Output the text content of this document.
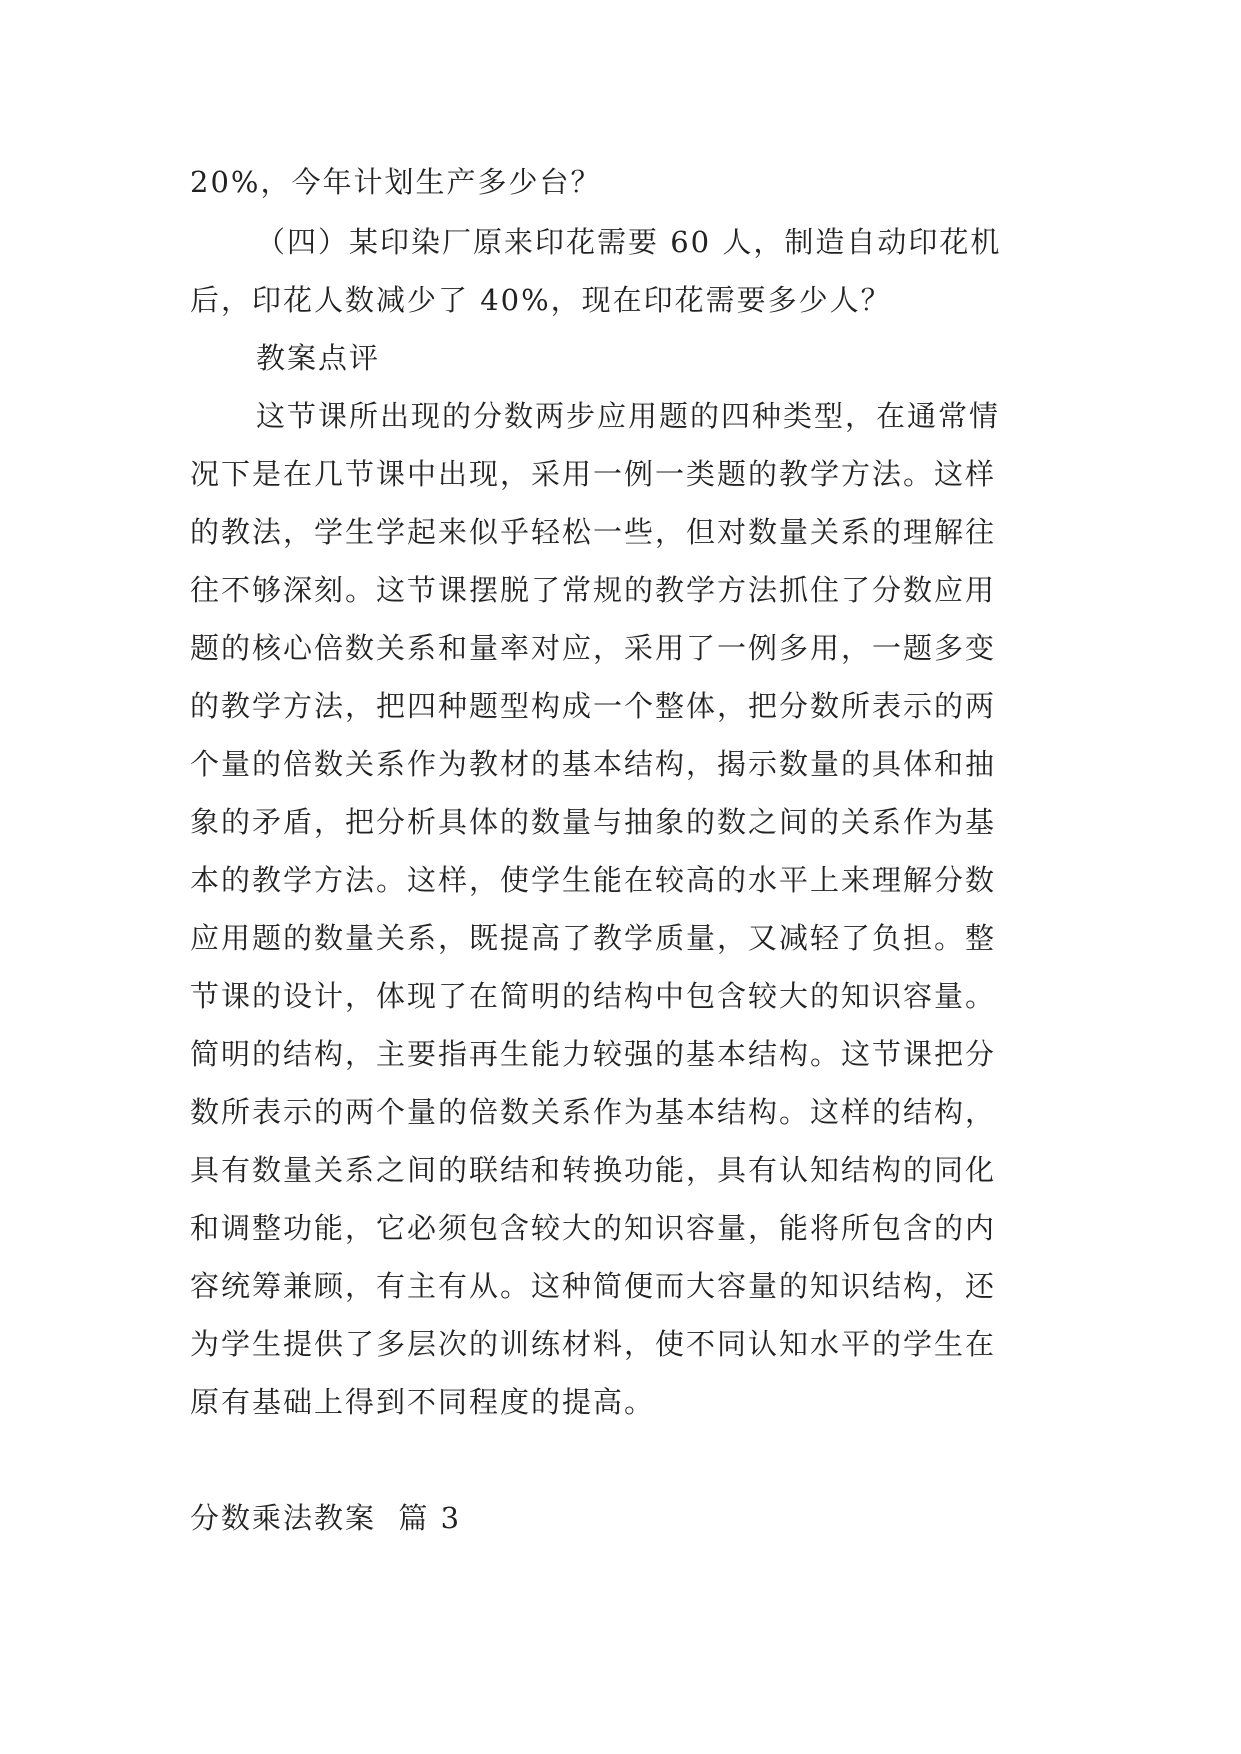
20%，今年计划生产多少台？
（四）某印染厂原来印花需要 60 人，制造自动印花机
后，印花人数减少了 40%，现在印花需要多少人？
教案点评
这节课所出现的分数两步应用题的四种类型，在通常情
况下是在几节课中出现，采用一例一类题的教学方法。这样
的教法，学生学起来似乎轻松一些，但对数量关系的理解往
往不够深刻。这节课摆脱了常规的教学方法抓住了分数应用
题的核心倍数关系和量率对应，采用了一例多用，一题多变
的教学方法，把四种题型构成一个整体，把分数所表示的两
个量的倍数关系作为教材的基本结构，揭示数量的具体和抽
象的矛盾，把分析具体的数量与抽象的数之间的关系作为基
本的教学方法。这样，使学生能在较高的水平上来理解分数
应用题的数量关系，既提高了教学质量，又减轻了负担。整
节课的设计，体现了在简明的结构中包含较大的知识容量。
简明的结构，主要指再生能力较强的基本结构。这节课把分
数所表示的两个量的倍数关系作为基本结构。这样的结构，
具有数量关系之间的联结和转换功能，具有认知结构的同化
和调整功能，它必须包含较大的知识容量，能将所包含的内
容统筹兼顾，有主有从。这种简便而大容量的知识结构，还
为学生提供了多层次的训练材料，使不同认知水平的学生在
原有基础上得到不同程度的提高。
分数乘法教案  篇 3
